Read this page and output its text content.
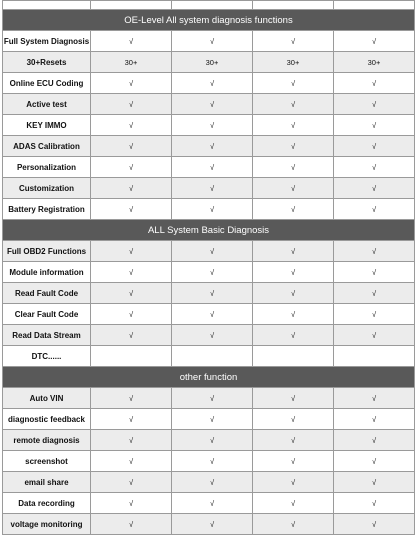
OE-Level All system diagnosis functions				
Full System Diagnosis	√	√	√	√
30+Resets	30+	30+	30+	30+
Online ECU Coding	√	√	√	√
Active test	√	√	√	√
KEY IMMO	√	√	√	√
ADAS Calibration	√	√	√	√
Personalization	√	√	√	√
Customization	√	√	√	√
Battery Registration	√	√	√	√
ALL System Basic Diagnosis				
Full OBD2 Functions	√	√	√	√
Module information	√	√	√	√
Read Fault Code	√	√	√	√
Clear Fault Code	√	√	√	√
Read Data Stream	√	√	√	√
DTC......				
other function				
Auto VIN	√	√	√	√
diagnostic feedback	√	√	√	√
remote diagnosis	√	√	√	√
screenshot	√	√	√	√
email share	√	√	√	√
Data recording	√	√	√	√
voltage monitoring	√	√	√	√
